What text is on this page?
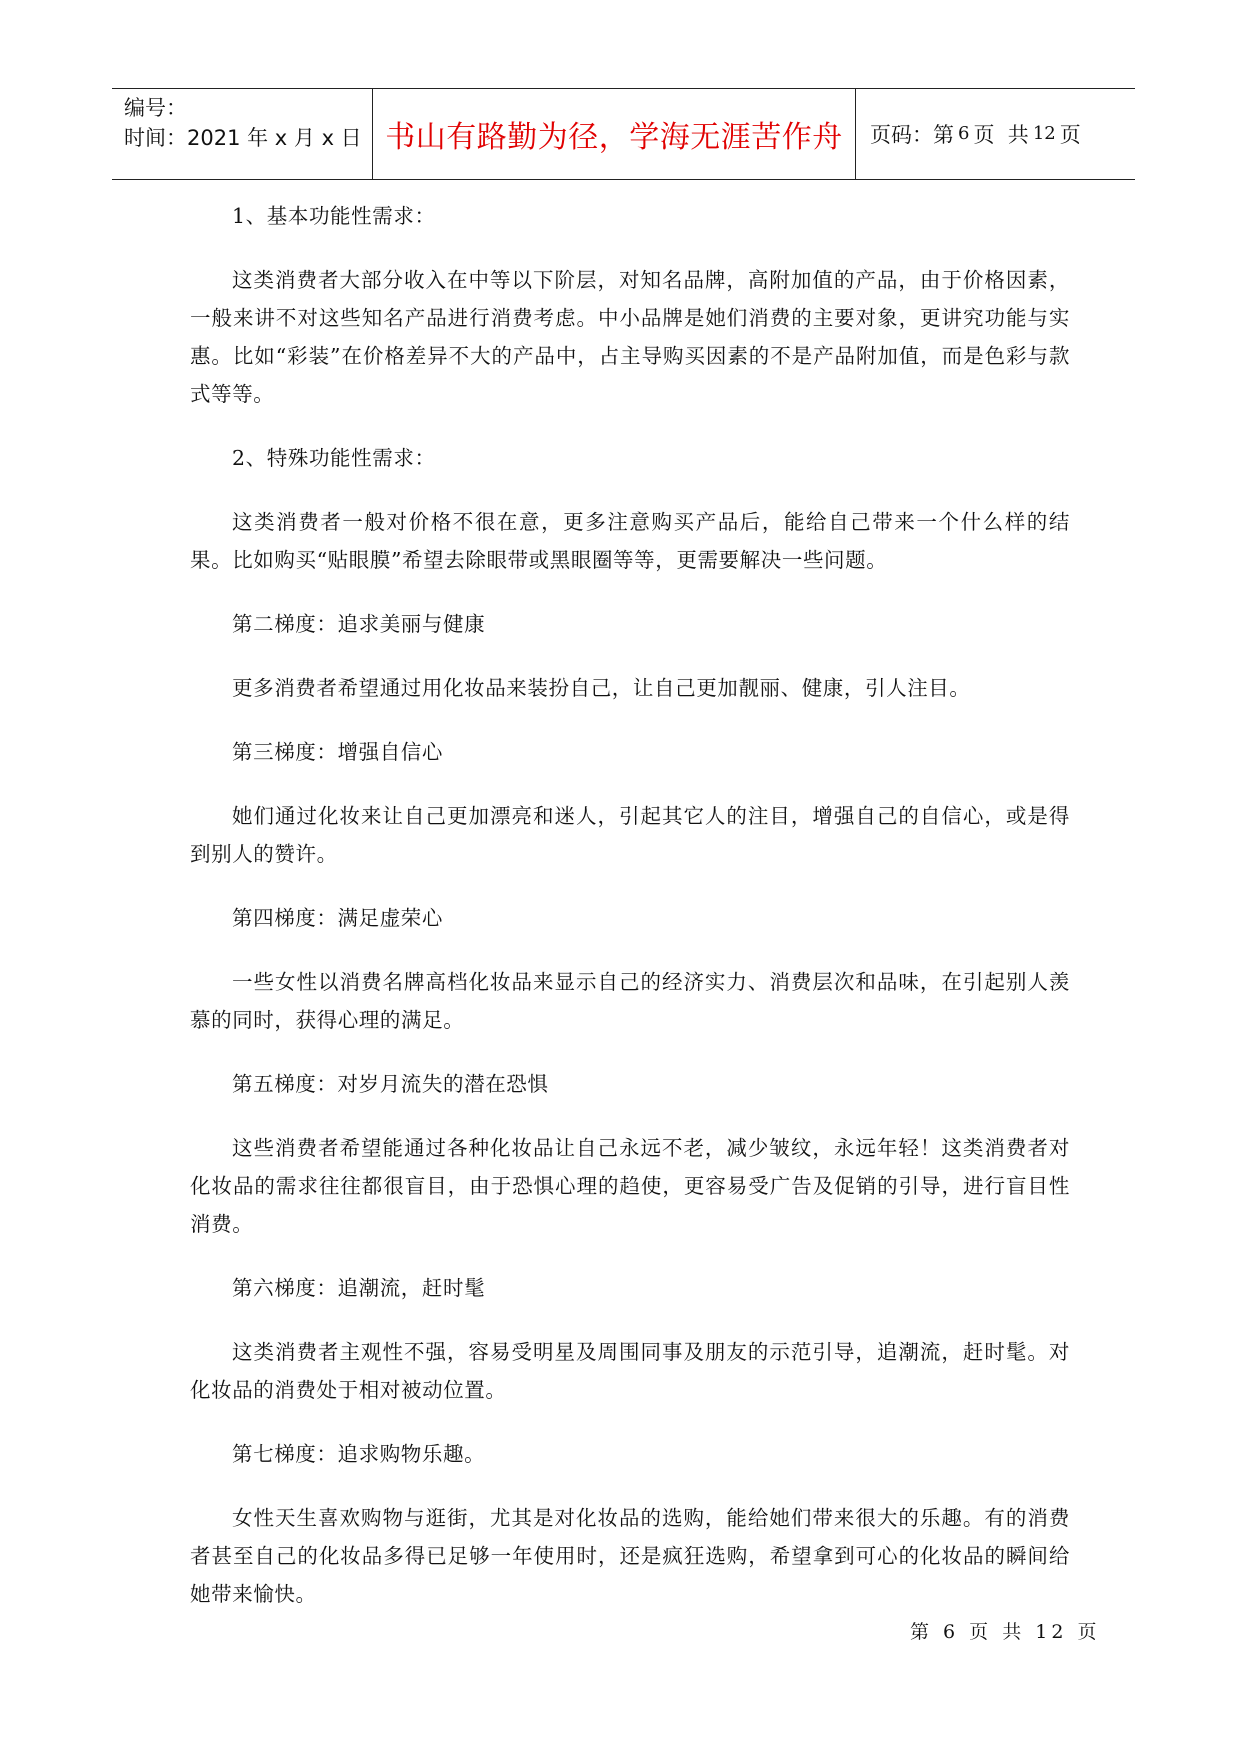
编号：
时间：2021 年 x 月 x 日 书山有路勤为径，学海无涯苦作舟	页码：第 6 页  共 12 页

1、基本功能性需求：

这类消费者大部分收入在中等以下阶层，对知名品牌，高附加值的产品，由于价格因素，一般来讲不对这些知名产品进行消费考虑。中小品牌是她们消费的主要对象，更讲究功能与实惠。比如“彩装”在价格差异不大的产品中，占主导购买因素的不是产品附加值，而是色彩与款式等等。

2、特殊功能性需求：

这类消费者一般对价格不很在意，更多注意购买产品后，能给自己带来一个什么样的结果。比如购买“贴眼膜”希望去除眼带或黑眼圈等等，更需要解决一些问题。

第二梯度：追求美丽与健康

更多消费者希望通过用化妆品来装扮自己，让自己更加靓丽、健康，引人注目。

第三梯度：增强自信心

她们通过化妆来让自己更加漂亮和迷人，引起其它人的注目，增强自己的自信心，或是得到别人的赞许。

第四梯度：满足虚荣心

一些女性以消费名牌高档化妆品来显示自己的经济实力、消费层次和品味，在引起别人羡慕的同时，获得心理的满足。

第五梯度：对岁月流失的潜在恐惧

这些消费者希望能通过各种化妆品让自己永远不老，减少皱纹，永远年轻！这类消费者对化妆品的需求往往都很盲目，由于恐惧心理的趋使，更容易受广告及促销的引导，进行盲目性消费。

第六梯度：追潮流，赶时髦

这类消费者主观性不强，容易受明星及周围同事及朋友的示范引导，追潮流，赶时髦。对化妆品的消费处于相对被动位置。

第七梯度：追求购物乐趣。

女性天生喜欢购物与逛街，尤其是对化妆品的选购，能给她们带来很大的乐趣。有的消费者甚至自己的化妆品多得已足够一年使用时，还是疯狂选购，希望拿到可心的化妆品的瞬间给她带来愉快。

第 6 页 共 12 页
